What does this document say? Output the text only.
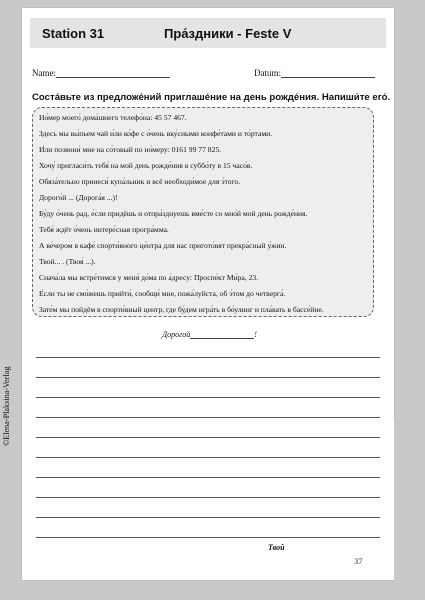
Station 31	Пра́здники - Feste V
Name:	Datum:
Соста́вьте из предложе́ний приглаше́ние на день рожде́ния. Напиши́те его́.
Но́мер моего́ дома́шнего телефо́на: 45 57 467.
Здесь мы вы́пьем чай и́ли ко́фе с о́чень вку́сными конфе́тами и то́ртами.
И́ли позвони́ мне на со́товый по но́меру: 0161 99 77 825.
Хочу́ пригласи́ть тебя́ на мой день рожде́ния в суббо́ту в 15 часо́в.
Обяза́тельно принеси́ купа́льник и всё необходи́мое для э́того.
Дорого́й ... (Дорога́я ...)!
Бу́ду о́чень рад, е́сли придёшь и отпра́зднуешь вме́сте со мно́й мой день рожде́ния.
Тебя́ ждёт о́чень интере́сная програ́мма.
А ве́чером в кафе́ спорти́вного це́нтра для нас пригото́вят прекра́сный у́жин.
Твой... . (Твоя́ ...).
Снача́ла мы встре́тимся у меня́ до́ма по а́дресу: Проспе́кт Ми́ра, 23.
Е́сли ты не смо́жешь прийти́, сообщи́ мне, пожа́луйста, об э́том до четверга́.
Зате́м мы пойдём в спорти́вный центр, где бу́дем игра́ть в бо́улинг и пла́вать в бассе́йне.
Дорогой	!
Твой
©Elena-Plaksina-Verlag
37
